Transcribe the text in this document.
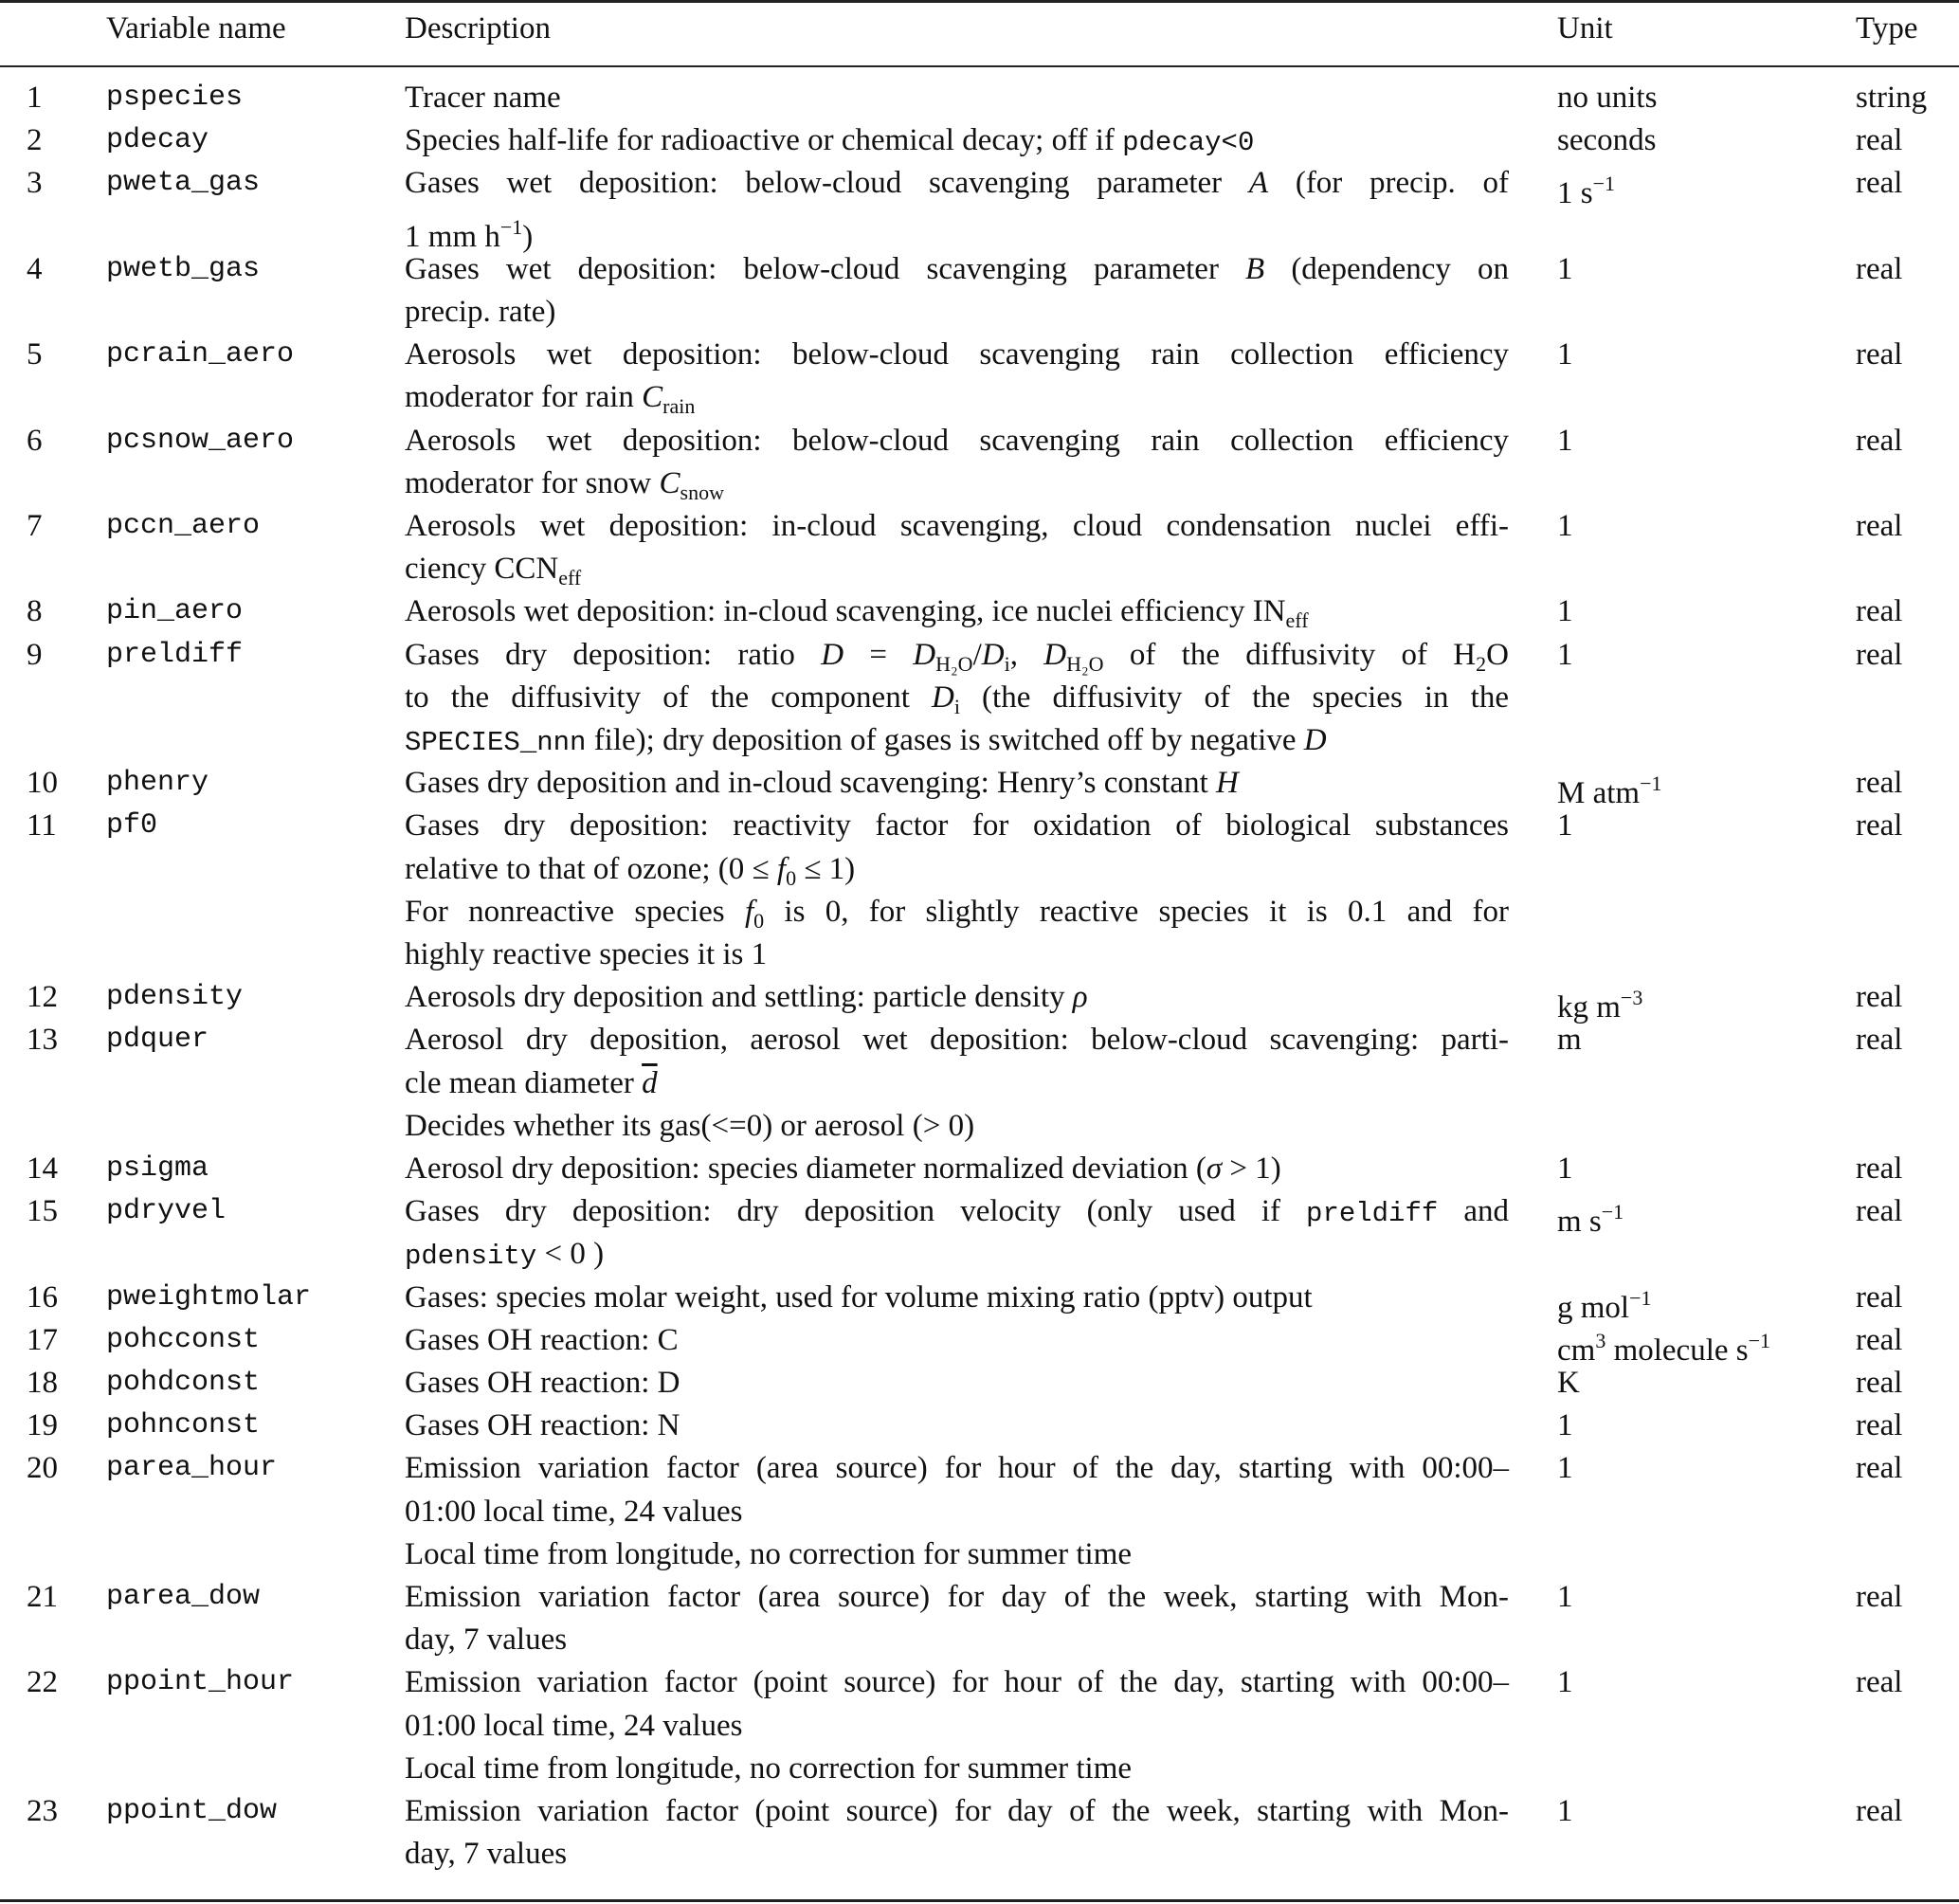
Variable name	Description	Unit	Type
1 pspecies	Tracer name	no units	string
2 pdecay	Species half-life for radioactive or chemical decay; off if pdecay<0	seconds	real
3 pweta_gas	Gases wet deposition: below-cloud scavenging parameter A (for precip. of
1 mm $h^{-1}$)
1 $s^{-1}$	real
4 pwetb_gas	Gases wet deposition: below-cloud scavenging parameter B (dependency on
precip. rate)
1	real
5 pcrain_aero	Aerosols wet deposition: below-cloud scavenging rain collection efficiency
moderator for rain $C_{rain}$
1	real
6 pcsnow_aero	Aerosols wet deposition: below-cloud scavenging rain collection efficiency
moderator for snow $C_{snow}$
1	real
7 pccn_aero	Aerosols wet deposition: in-cloud scavenging, cloud condensation nuclei effi-
ciency $CCN_{eff}$
1	real
8 pin_aero	Aerosols wet deposition: in-cloud scavenging, ice nuclei efficiency $IN_{eff}$	1	real
9 preldiff	Gases dry deposition: ratio $D = D_{H_2O}/D_i$, $D_{H_2O}$ of the diffusivity of $H_2O$
to the diffusivity of the component $D_i$ (the diffusivity of the species in the
SPECIES_nnn file); dry deposition of gases is switched off by negative D
1	real
10 phenry	Gases dry deposition and in-cloud scavenging: Henry’s constant H	M atm$^{-1}$	real
11 pf0	Gases dry deposition: reactivity factor for oxidation of biological substances
relative to that of ozone; $(0 \le f_0 \le 1)$
For nonreactive species $f_0$ is 0, for slightly reactive species it is 0.1 and for
highly reactive species it is 1
1	real
12 pdensity	Aerosols dry deposition and settling: particle density ρ	kg $m^{-3}$	real
13 pdquer	Aerosol dry deposition, aerosol wet deposition: below-cloud scavenging: parti-
cle mean diameter $\overline{d}$
Decides whether its gas(<=0) or aerosol (> 0)
m	real
14 psigma	Aerosol dry deposition: species diameter normalized deviation (σ > 1)	1	real
15 pdryvel	Gases dry deposition: dry deposition velocity (only used if preldiff and
pdensity < 0 )
m $s^{-1}$	real
16 pweightmolar	Gases: species molar weight, used for volume mixing ratio (pptv) output	g mol$^{-1}$	real
17 pohcconst	Gases OH reaction: C	$cm^3$ molecule $s^{-1}$	real
18 pohdconst	Gases OH reaction: D	K	real
19 pohnconst	Gases OH reaction: N	1	real
20 parea_hour	Emission variation factor (area source) for hour of the day, starting with 00:00–
01:00 local time, 24 values
Local time from longitude, no correction for summer time
1	real
21 parea_dow	Emission variation factor (area source) for day of the week, starting with Mon-
day, 7 values
1	real
22 ppoint_hour	Emission variation factor (point source) for hour of the day, starting with 00:00–
01:00 local time, 24 values
Local time from longitude, no correction for summer time
1	real
23 ppoint_dow	Emission variation factor (point source) for day of the week, starting with Mon-
day, 7 values
1	real
